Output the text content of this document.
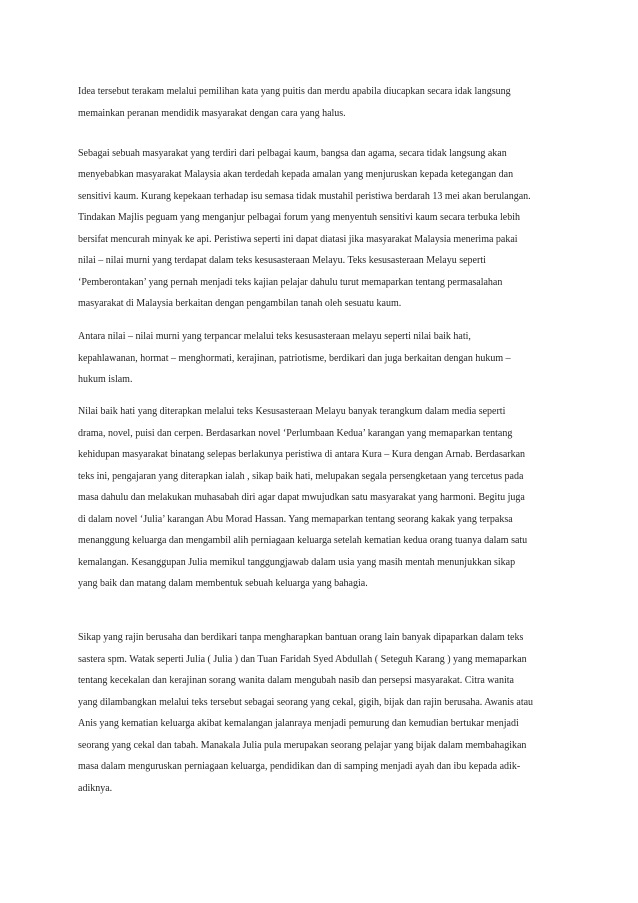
Idea tersebut terakam melalui pemilihan kata yang puitis dan merdu apabila diucapkan secara idak langsung
memainkan peranan mendidik masyarakat dengan cara yang halus.
Sebagai sebuah masyarakat yang terdiri dari pelbagai kaum, bangsa dan agama, secara tidak langsung akan
menyebabkan masyarakat Malaysia akan terdedah kepada amalan yang menjuruskan kepada ketegangan dan
sensitivi kaum. Kurang kepekaan terhadap isu semasa tidak mustahil peristiwa berdarah 13 mei akan berulangan.
Tindakan Majlis peguam yang menganjur pelbagai forum yang menyentuh sensitivi kaum secara terbuka lebih
bersifat mencurah minyak ke api. Peristiwa seperti ini dapat diatasi jika masyarakat Malaysia menerima pakai
nilai – nilai murni yang terdapat dalam teks kesusasteraan Melayu. Teks kesusasteraan Melayu seperti
‘Pemberontakan’ yang pernah menjadi teks kajian pelajar dahulu turut memaparkan tentang permasalahan
masyarakat di Malaysia berkaitan dengan pengambilan tanah oleh sesuatu kaum.
Antara nilai – nilai murni yang terpancar melalui teks kesusasteraan melayu seperti nilai baik hati,
kepahlawanan, hormat – menghormati, kerajinan, patriotisme, berdikari dan juga berkaitan dengan hukum –
hukum islam.
Nilai baik hati yang diterapkan melalui teks Kesusasteraan Melayu banyak terangkum dalam media seperti
drama, novel, puisi dan cerpen. Berdasarkan novel ‘Perlumbaan Kedua’ karangan yang memaparkan tentang
kehidupan masyarakat binatang selepas berlakunya peristiwa di antara Kura – Kura dengan Arnab. Berdasarkan
teks ini, pengajaran yang diterapkan ialah , sikap baik hati, melupakan segala persengketaan yang tercetus pada
masa dahulu dan melakukan muhasabah diri agar dapat mwujudkan satu masyarakat yang harmoni. Begitu juga
di dalam novel ‘Julia’ karangan Abu Morad Hassan. Yang memaparkan tentang seorang kakak yang terpaksa
menanggung keluarga dan mengambil alih perniagaan keluarga setelah kematian kedua orang tuanya dalam satu
kemalangan. Kesanggupan Julia memikul tanggungjawab dalam usia yang masih mentah menunjukkan sikap
yang baik dan matang dalam membentuk sebuah keluarga yang bahagia.
Sikap yang rajin berusaha dan berdikari tanpa mengharapkan bantuan orang lain banyak dipaparkan dalam teks
sastera spm. Watak seperti Julia ( Julia ) dan Tuan Faridah Syed Abdullah ( Seteguh Karang ) yang memaparkan
tentang kecekalan dan kerajinan sorang wanita dalam mengubah nasib dan persepsi masyarakat. Citra wanita
yang dilambangkan melalui teks tersebut sebagai seorang yang cekal, gigih, bijak dan rajin berusaha. Awanis atau
Anis yang kematian keluarga akibat kemalangan jalanraya menjadi pemurung dan kemudian bertukar menjadi
seorang yang cekal dan tabah. Manakala Julia pula merupakan seorang pelajar yang bijak dalam membahagikan
masa dalam menguruskan perniagaan keluarga, pendidikan dan di samping menjadi ayah dan ibu kepada adik-
adiknya.
